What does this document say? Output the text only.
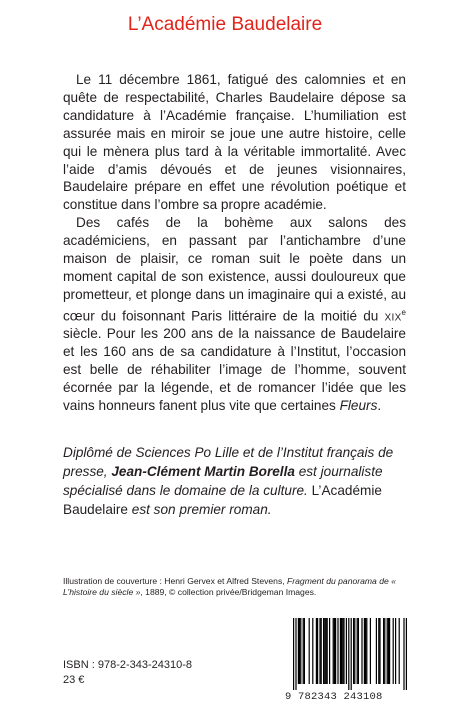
L’Académie Baudelaire

Le 11 décembre 1861, fatigué des calomnies et en quête de respectabilité, Charles Baudelaire dépose sa candidature à l’Académie française. L’humiliation est assurée mais en miroir se joue une autre histoire, celle qui le mènera plus tard à la véritable immortalité. Avec l’aide d’amis dévoués et de jeunes visionnaires, Baudelaire prépare en effet une révolution poétique et constitue dans l’ombre sa propre académie.

Des cafés de la bohème aux salons des académiciens, en passant par l’antichambre d’une maison de plaisir, ce roman suit le poète dans un moment capital de son existence, aussi douloureux que prometteur, et plonge dans un imaginaire qui a existé, au cœur du foisonnant Paris littéraire de la moitié du xix$^e$ siècle. Pour les 200 ans de la naissance de Baudelaire et les 160 ans de sa candidature à l’Institut, l’occasion est belle de réhabiliter l’image de l’homme, souvent écornée par la légende, et de romancer l’idée que les vains honneurs fanent plus vite que certaines Fleurs.

Diplômé de Sciences Po Lille et de l’Institut français de presse, Jean-Clément Martin Borella est journaliste spécialisé dans le domaine de la culture. L’Académie Baudelaire est son premier roman.

Illustration de couverture : Henri Gervex et Alfred Stevens, Fragment du panorama de « L’histoire du siècle », 1889, © collection privée/Bridgeman Images.
ISBN : 978-2-343-24310-8
23 €
9 782343 243108
